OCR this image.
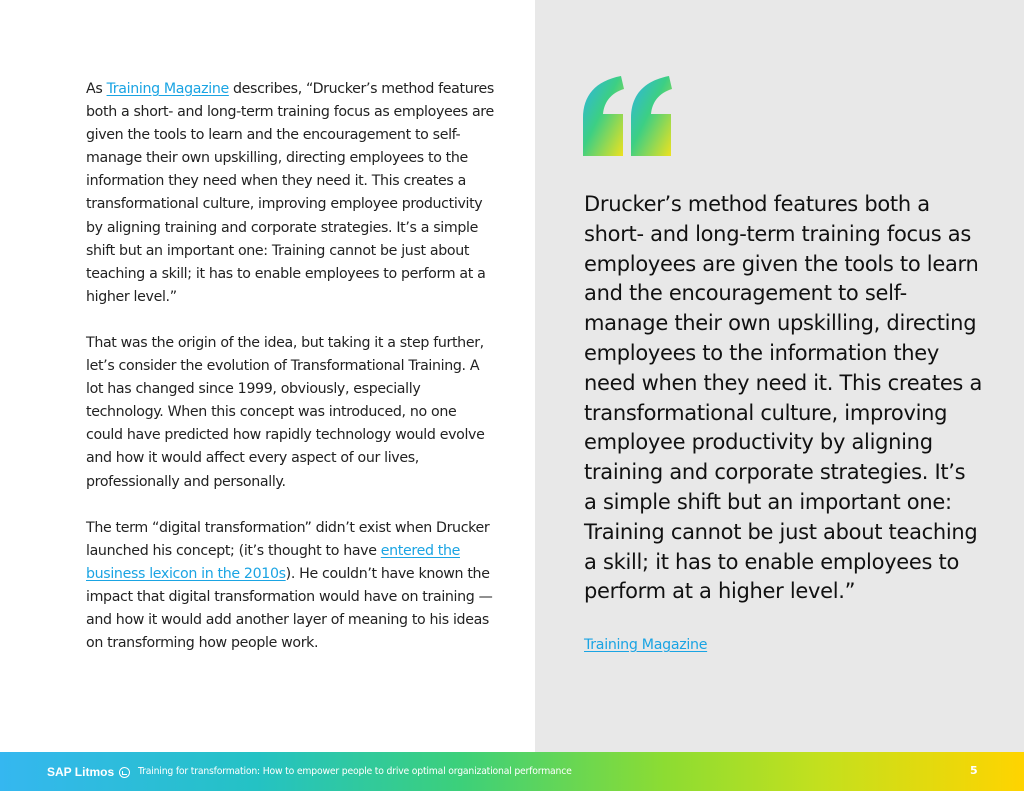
As Training Magazine describes, “Drucker’s method features both a short- and long-term training focus as employees are given the tools to learn and the encouragement to self-manage their own upskilling, directing employees to the information they need when they need it. This creates a transformational culture, improving employee productivity by aligning training and corporate strategies. It’s a simple shift but an important one: Training cannot be just about teaching a skill; it has to enable employees to perform at a higher level.”

That was the origin of the idea, but taking it a step further, let’s consider the evolution of Transformational Training. A lot has changed since 1999, obviously, especially technology. When this concept was introduced, no one could have predicted how rapidly technology would evolve and how it would affect every aspect of our lives, professionally and personally.

The term “digital transformation” didn’t exist when Drucker launched his concept; (it’s thought to have entered the business lexicon in the 2010s). He couldn’t have known the impact that digital transformation would have on training — and how it would add another layer of meaning to his ideas on transforming how people work.

Drucker’s method features both a short- and long-term training focus as employees are given the tools to learn and the encouragement to self-manage their own upskilling, directing employees to the information they need when they need it. This creates a transformational culture, improving employee productivity by aligning training and corporate strategies. It’s a simple shift but an important one: Training cannot be just about teaching a skill; it has to enable employees to perform at a higher level.”
Training Magazine
SAP Litmos	Training for transformation: How to empower people to drive optimal organizational performance	5
